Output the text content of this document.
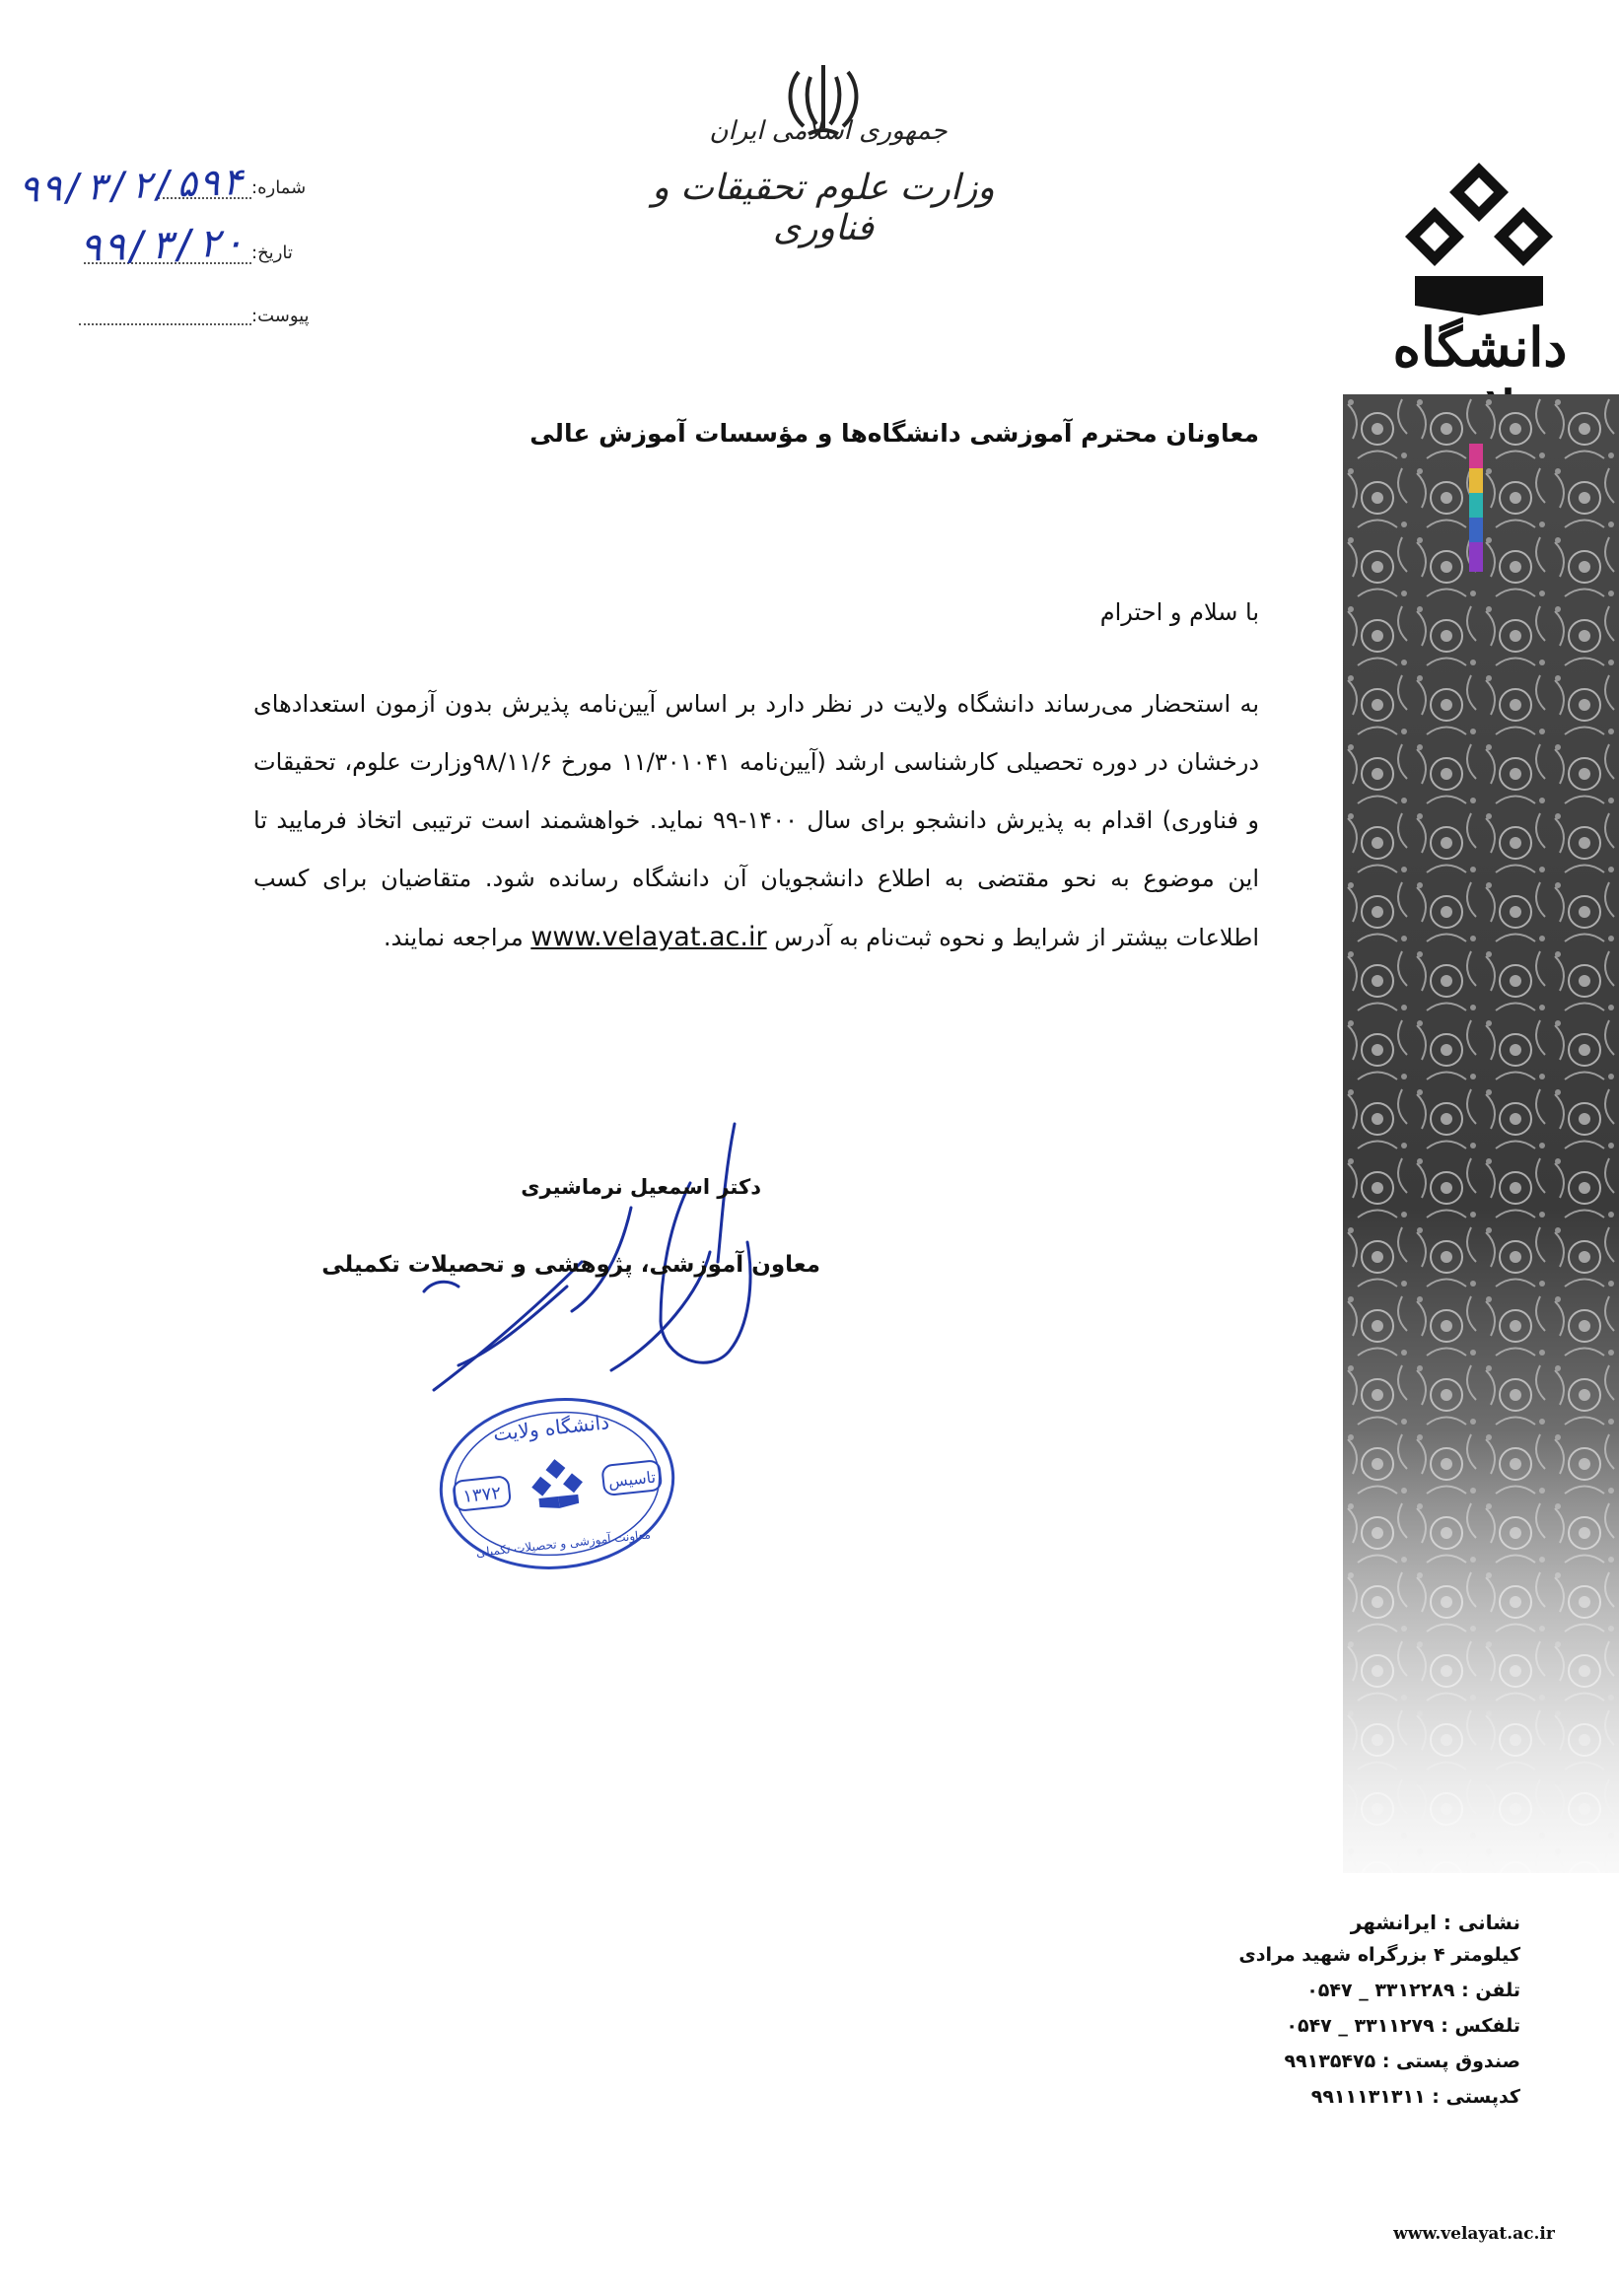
جمهوری اسلامی ایران
وزارت علوم تحقیقات و فناوری
شماره:
۹۹/۳/۲/۵۹۴
تاریخ:
۹۹/۳/۲۰
پیوست:	دانشگاه
نشانی : ایرانشهر
کیلومتر ۴ بزرگراه شهید مرادی
تلفن : ۳۳۱۲۲۸۹ _ ۰۵۴۷
تلفکس : ۳۳۱۱۲۷۹ _ ۰۵۴۷
صندوق پستی : ۹۹۱۳۵۴۷۵
کدپستی : ۹۹۱۱۱۳۱۳۱۱
www.velayat.ac.ir
معاونان محترم آموزشی دانشگاه‌ها و مؤسسات آموزش عالی
با سلام و احترام
به استحضار می‌رساند دانشگاه ولایت در نظر دارد بر اساس آیین‌نامه پذیرش بدون آزمون استعدادهای درخشان در دوره تحصیلی کارشناسی ارشد (آیین‌نامه ۱۱/۳۰۱۰۴۱ مورخ ۹۸/۱۱/۶وزارت علوم، تحقیقات و فناوری) اقدام به پذیرش دانشجو برای سال ۱۴۰۰-۹۹ نماید. خواهشمند است ترتیبی اتخاذ فرمایید تا این موضوع به نحو مقتضی به اطلاع دانشجویان آن دانشگاه رسانده شود. متقاضیان برای کسب اطلاعات بیشتر از شرایط و نحوه ثبت‌نام به آدرس www.velayat.ac.ir مراجعه نمایند.
دکتر اسمعیل نرماشیری
معاون آموزشی، پژوهشی و تحصیلات تکمیلی
۱۳۷۲
تاسیس
دانشگاه ولایت
معاونت آموزشی و تحصیلات تکمیلی
